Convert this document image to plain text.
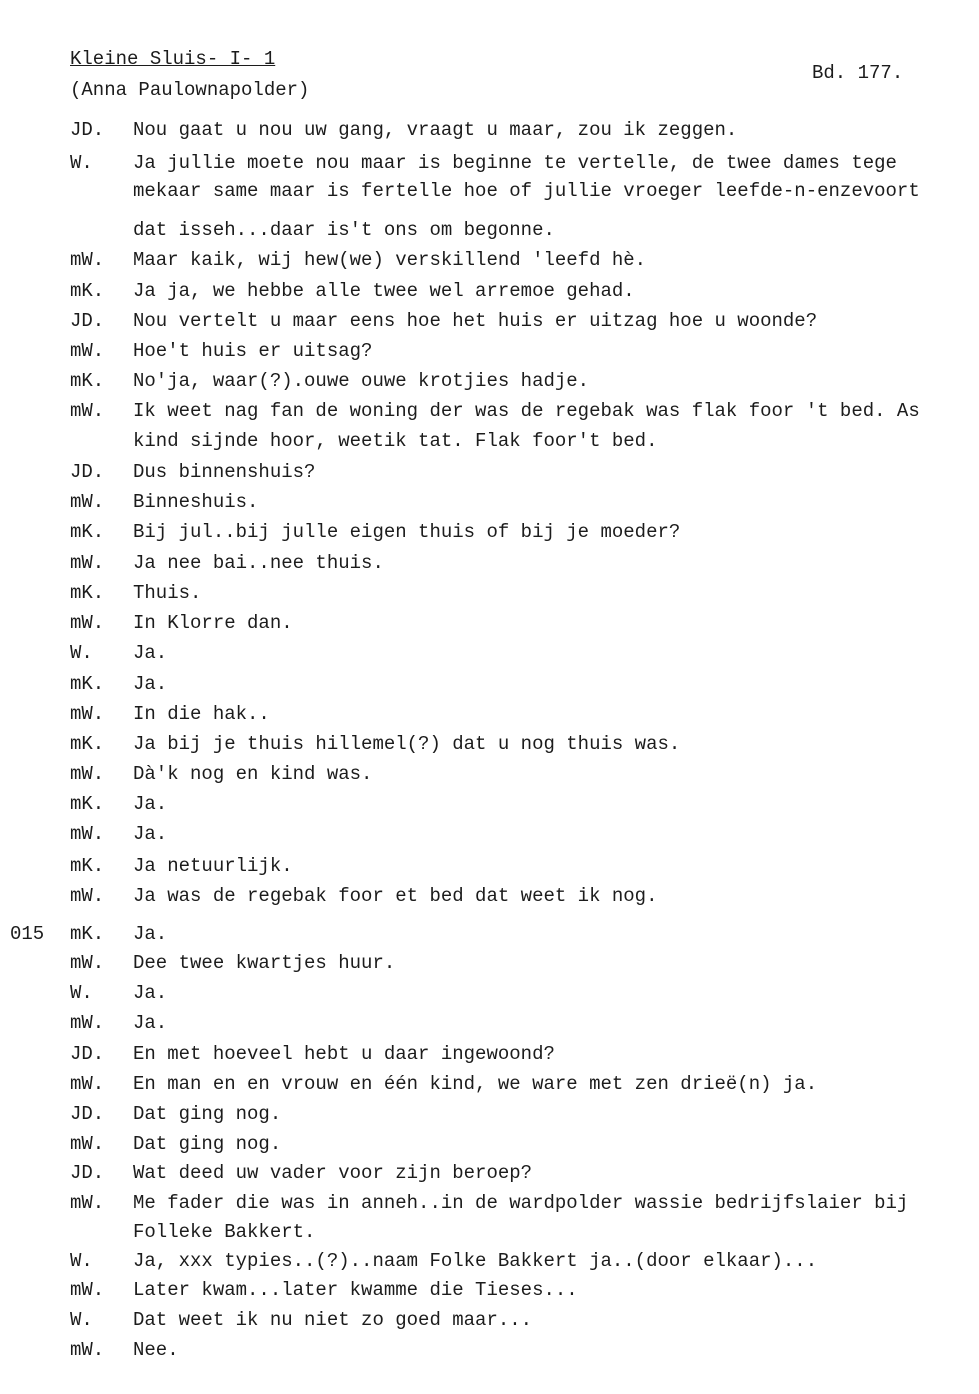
Kleine Sluis- I- 1
(Anna Paulownapolder)
Bd. 177.
JD. Nou gaat u nou uw gang, vraagt u maar, zou ik zeggen.
W. Ja jullie moete nou maar is beginne te vertelle, de twee dames tege
mekaar same maar is fertelle hoe of jullie vroeger leefde-n-enzevoort
dat isseh...daar is't ons om begonne.
mW. Maar kaik, wij hew(we) verskillend 'leefd hè.
mK. Ja ja, we hebbe alle twee wel arremoe gehad.
JD. Nou vertelt u maar eens hoe het huis er uitzag hoe u woonde?
mW. Hoe't huis er uitsag?
mK. No'ja, waar(?).ouwe ouwe krotjies hadje.
mW. Ik weet nag fan de woning der was de regebak was flak foor 't bed. As
kind sijnde hoor, weetik tat. Flak foor't bed.
JD. Dus binnenshuis?
mW. Binneshuis.
mK. Bij jul..bij julle eigen thuis of bij je moeder?
mW. Ja nee bai..nee thuis.
mK. Thuis.
mW. In Klorre dan.
W. Ja.
mK. Ja.
mW. In die hak..
mK. Ja bij je thuis hillemel(?) dat u nog thuis was.
mW. Dà'k nog en kind was.
mK. Ja.
mW. Ja.
mK. Ja netuurlijk.
mW. Ja was de regebak foor et bed dat weet ik nog.
015 mK. Ja.
mW. Dee twee kwartjes huur.
W. Ja.
mW. Ja.
JD. En met hoeveel hebt u daar ingewoond?
mW. En man en en vrouw en één kind, we ware met zen drieë(n) ja.
JD. Dat ging nog.
mW. Dat ging nog.
JD. Wat deed uw vader voor zijn beroep?
mW. Me fader die was in anneh..in de wardpolder wassie bedrijfslaier bij
Folleke Bakkert.
W. Ja, xxx typies..(?)..naam Folke Bakkert ja..(door elkaar)...
mW. Later kwam...later kwamme die Tieses...
W. Dat weet ik nu niet zo goed maar...
mW. Nee.
